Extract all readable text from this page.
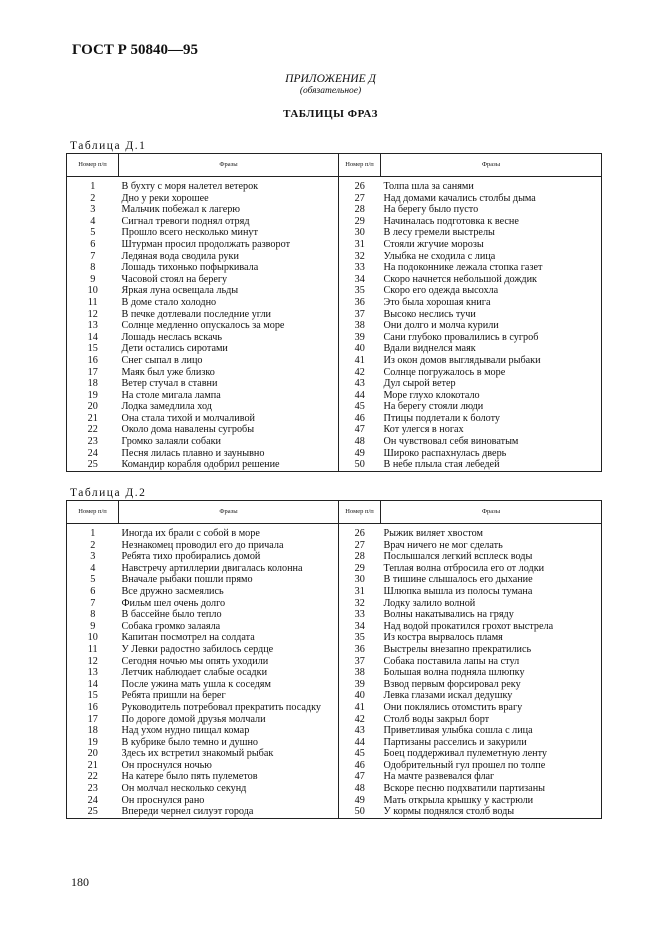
ГОСТ Р 50840—95
ПРИЛОЖЕНИЕ Д
(обязательное)
ТАБЛИЦЫ ФРАЗ
Таблица Д.1
Номер п/п	Фразы	Номер п/п	Фразы

1	В бухту с моря налетел ветерок	26	Толпа шла за санями
2	Дно у реки хорошее	27	Над домами качались столбы дыма
3	Мальчик побежал к лагерю	28	На берегу было пусто
4	Сигнал тревоги поднял отряд	29	Начиналась подготовка к весне
5	Прошло всего несколько минут	30	В лесу гремели выстрелы
6	Штурман просил продолжать разворот	31	Стояли жгучие морозы
7	Ледяная вода сводила руки	32	Улыбка не сходила с лица
8	Лошадь тихонько пофыркивала	33	На подоконнике лежала стопка газет
9	Часовой стоял на берегу	34	Скоро начнется небольшой дождик
10	Яркая луна освещала льды	35	Скоро его одежда высохла
11	В доме стало холодно	36	Это была хорошая книга
12	В печке дотлевали последние угли	37	Высоко неслись тучи
13	Солнце медленно опускалось за море	38	Они долго и молча курили
14	Лошадь неслась вскачь	39	Сани глубоко провалились в сугроб
15	Дети остались сиротами	40	Вдали виднелся маяк
16	Снег сыпал в лицо	41	Из окон домов выглядывали рыбаки
17	Маяк был уже близко	42	Солнце погружалось в море
18	Ветер стучал в ставни	43	Дул сырой ветер
19	На столе мигала лампа	44	Море глухо клокотало
20	Лодка замедлила ход	45	На берегу стояли люди
21	Она стала тихой и молчаливой	46	Птицы подлетали к болоту
22	Около дома навалены сугробы	47	Кот улегся в ногах
23	Громко залаяли собаки	48	Он чувствовал себя виноватым
24	Песня лилась плавно и заунывно	49	Широко распахнулась дверь
25	Командир корабля одобрил решение	50	В небе плыла стая лебедей
Таблица Д.2
Номер п/п	Фразы	Номер п/п	Фразы

1	Иногда их брали с собой в море	26	Рыжик виляет хвостом
2	Незнакомец проводил его до причала	27	Врач ничего не мог сделать
3	Ребята тихо пробирались домой	28	Послышался легкий всплеск воды
4	Навстречу артиллерии двигалась колонна	29	Теплая волна отбросила его от лодки
5	Вначале рыбаки пошли прямо	30	В тишине слышалось его дыхание
6	Все дружно засмеялись	31	Шлюпка вышла из полосы тумана
7	Фильм шел очень долго	32	Лодку залило волной
8	В бассейне было тепло	33	Волны накатывались на гряду
9	Собака громко залаяла	34	Над водой прокатился грохот выстрела
10	Капитан посмотрел на солдата	35	Из костра вырвалось пламя
11	У Левки радостно забилось сердце	36	Выстрелы внезапно прекратились
12	Сегодня ночью мы опять уходили	37	Собака поставила лапы на стул
13	Летчик наблюдает слабые осадки	38	Большая волна подняла шлюпку
14	После ужина мать ушла к соседям	39	Взвод первым форсировал реку
15	Ребята пришли на берег	40	Левка глазами искал дедушку
16	Руководитель потребовал прекратить посадку	41	Они поклялись отомстить врагу
17	По дороге домой друзья молчали	42	Столб воды закрыл борт
18	Над ухом нудно пищал комар	43	Приветливая улыбка сошла с лица
19	В кубрике было темно и душно	44	Партизаны расселись и закурили
20	Здесь их встретил знакомый рыбак	45	Боец поддерживал пулеметную ленту
21	Он проснулся ночью	46	Одобрительный гул прошел по толпе
22	На катере было пять пулеметов	47	На мачте развевался флаг
23	Он молчал несколько секунд	48	Вскоре песню подхватили партизаны
24	Он проснулся рано	49	Мать открыла крышку у кастрюли
25	Впереди чернел силуэт города	50	У кормы поднялся столб воды
180
